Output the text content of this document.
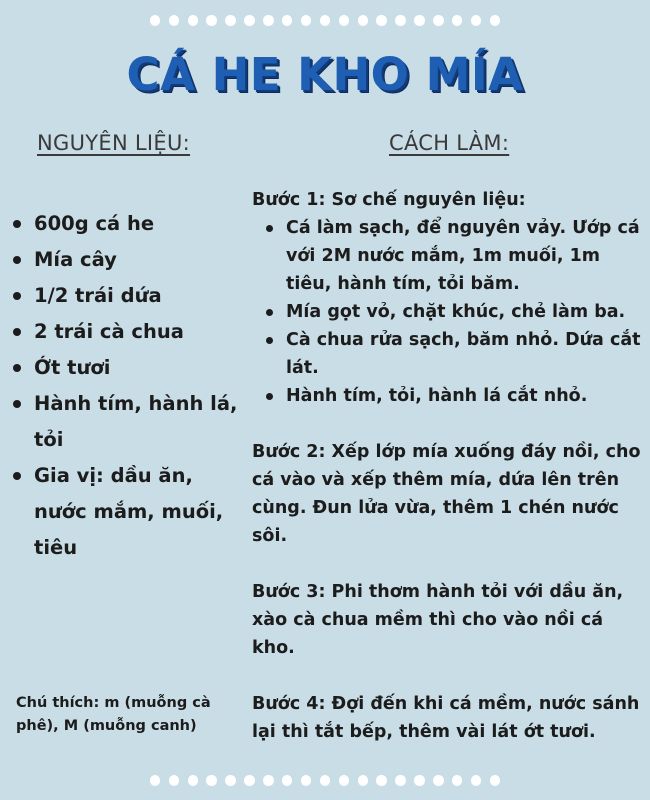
CÁ HE KHO MÍA
NGUYÊN LIỆU:	CÁCH LÀM:
600g cá he
Mía cây
1/2 trái dứa
2 trái cà chua
Ớt tươi
Hành tím, hành lá, tỏi
Gia vị: dầu ăn, nước mắm, muối, tiêu
Chú thích: m (muỗng cà phê), M (muỗng canh)

Bước 1: Sơ chế nguyên liệu:

Cá làm sạch, để nguyên vảy. Ướp cá với 2M nước mắm, 1m muối, 1m tiêu, hành tím, tỏi băm.
Mía gọt vỏ, chặt khúc, chẻ làm ba.
Cà chua rửa sạch, băm nhỏ. Dứa cắt lát.
Hành tím, tỏi, hành lá cắt nhỏ.

Bước 2: Xếp lớp mía xuống đáy nồi, cho cá vào và xếp thêm mía, dứa lên trên cùng. Đun lửa vừa, thêm 1 chén nước sôi.

Bước 3: Phi thơm hành tỏi với dầu ăn, xào cà chua mềm thì cho vào nồi cá kho.

Bước 4: Đợi đến khi cá mềm, nước sánh lại thì tắt bếp, thêm vài lát ớt tươi.
